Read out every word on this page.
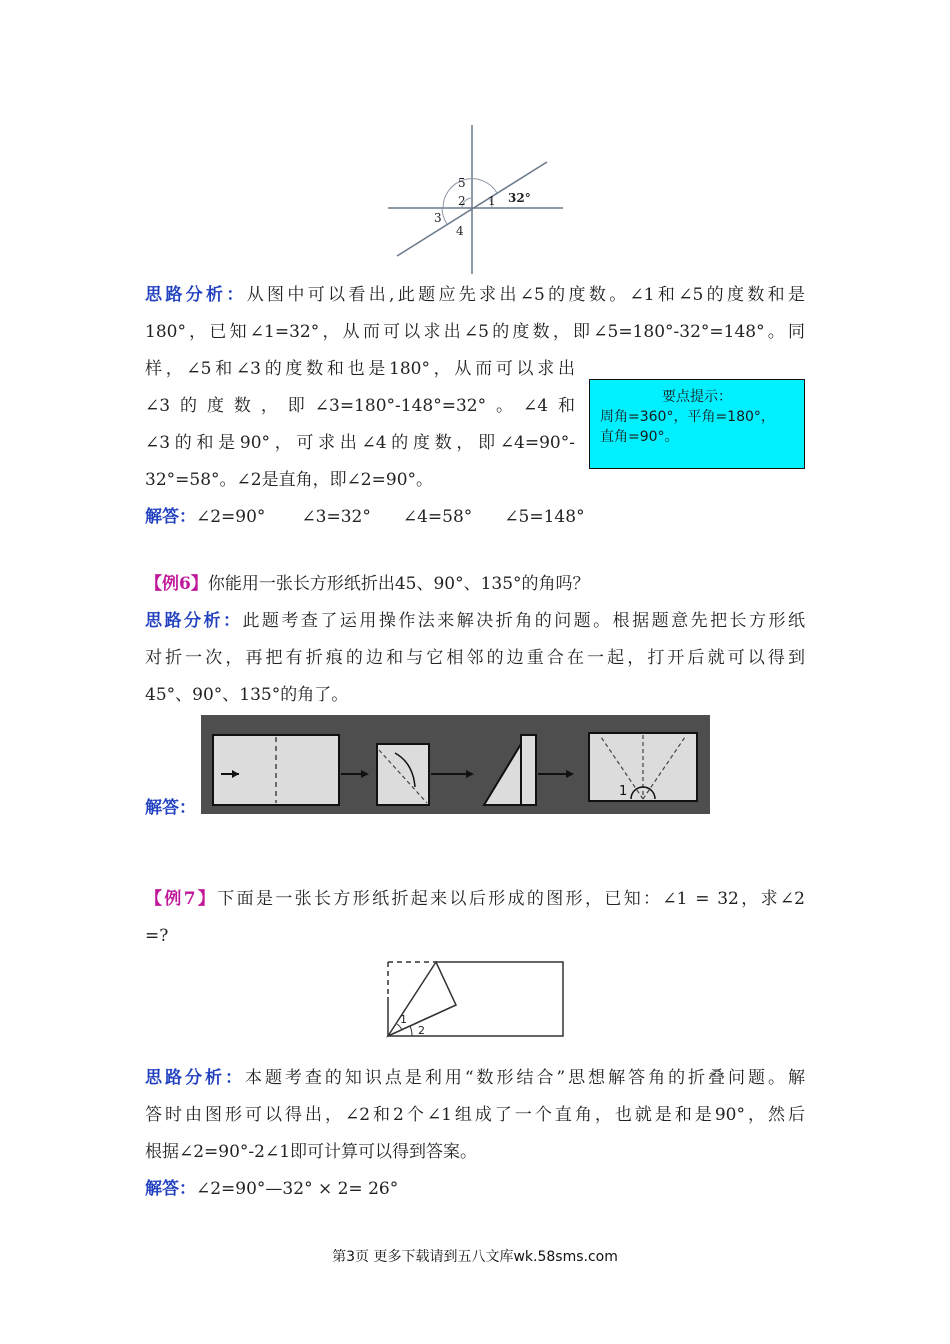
5
2 1 32°
3
4
思路分析：从图中可以看出,此题应先求出∠5的度数。∠1和∠5的度数和是
180°，已知∠1=32°，从而可以求出∠5的度数，即∠5=180°-32°=148°。同
样，∠5和∠3的度数和也是180°，从而可以求出
∠3的度数，即∠3=180°-148°=32°。∠4和
∠3的和是90°，可求出∠4的度数，即∠4=90°-
32°=58°。∠2是直角，即∠2=90°。
要点提示：
周角=360°，平角=180°，
直角=90°。
解答：∠2=90° ∠3=32° ∠4=58° ∠5=148°
【例6】你能用一张长方形纸折出45、90°、135°的角吗？
思路分析：此题考查了运用操作法来解决折角的问题。根据题意先把长方形纸
对折一次，再把有折痕的边和与它相邻的边重合在一起，打开后就可以得到
45°、90°、135°的角了。
1
解答：
【例7】下面是一张长方形纸折起来以后形成的图形，已知：∠1 = 32，求∠2
=?
1
2
思路分析：本题考查的知识点是利用“数形结合”思想解答角的折叠问题。解
答时由图形可以得出，∠2和2个∠1组成了一个直角，也就是和是90°，然后
根据∠2=90°-2∠1即可计算可以得到答案。
解答：∠2=90°—32° × 2= 26°
第3页 更多下载请到五八文库wk.58sms.com
